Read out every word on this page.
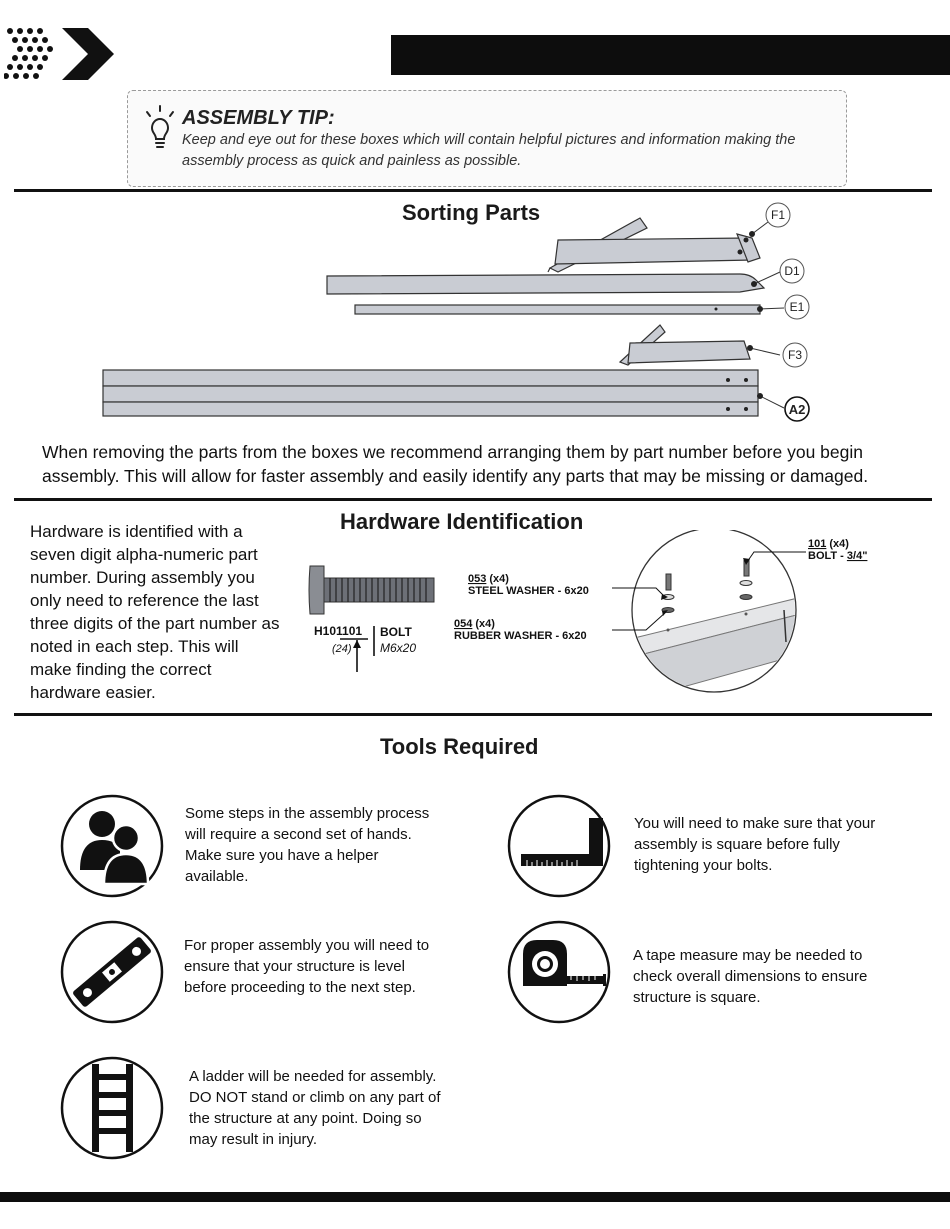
ASSEMBLY TIP:
Keep and eye out for these boxes which will contain helpful pictures and information making the assembly process as quick and painless as possible.
Sorting Parts	F1
D1
E1
F3
A2
When removing the parts from the boxes we recommend arranging them by part number before you begin assembly. This will allow for faster assembly and easily identify any parts that may be missing or damaged.
Hardware Identification
Hardware is identified with a seven digit alpha-numeric part number. During assembly you only need to reference the last three digits of the part number as noted in each step. This will make finding the correct hardware easier.
H101101
(24)
BOLT
M6x20
053 (x4)
STEEL WASHER - 6x20
054 (x4)
RUBBER WASHER - 6x20
101 (x4)
BOLT - 3/4"
Tools Required
Some steps in the assembly process will require a second set of hands. Make sure you have a helper available.
You will need to make sure that your assembly is square before fully tightening your bolts.
For proper assembly you will need to ensure that your structure is level before proceeding to the next step.
A tape measure may be needed to check overall dimensions to ensure structure is square.
A ladder will be needed for assembly. DO NOT stand or climb on any part of the structure at any point. Doing so may result in injury.
